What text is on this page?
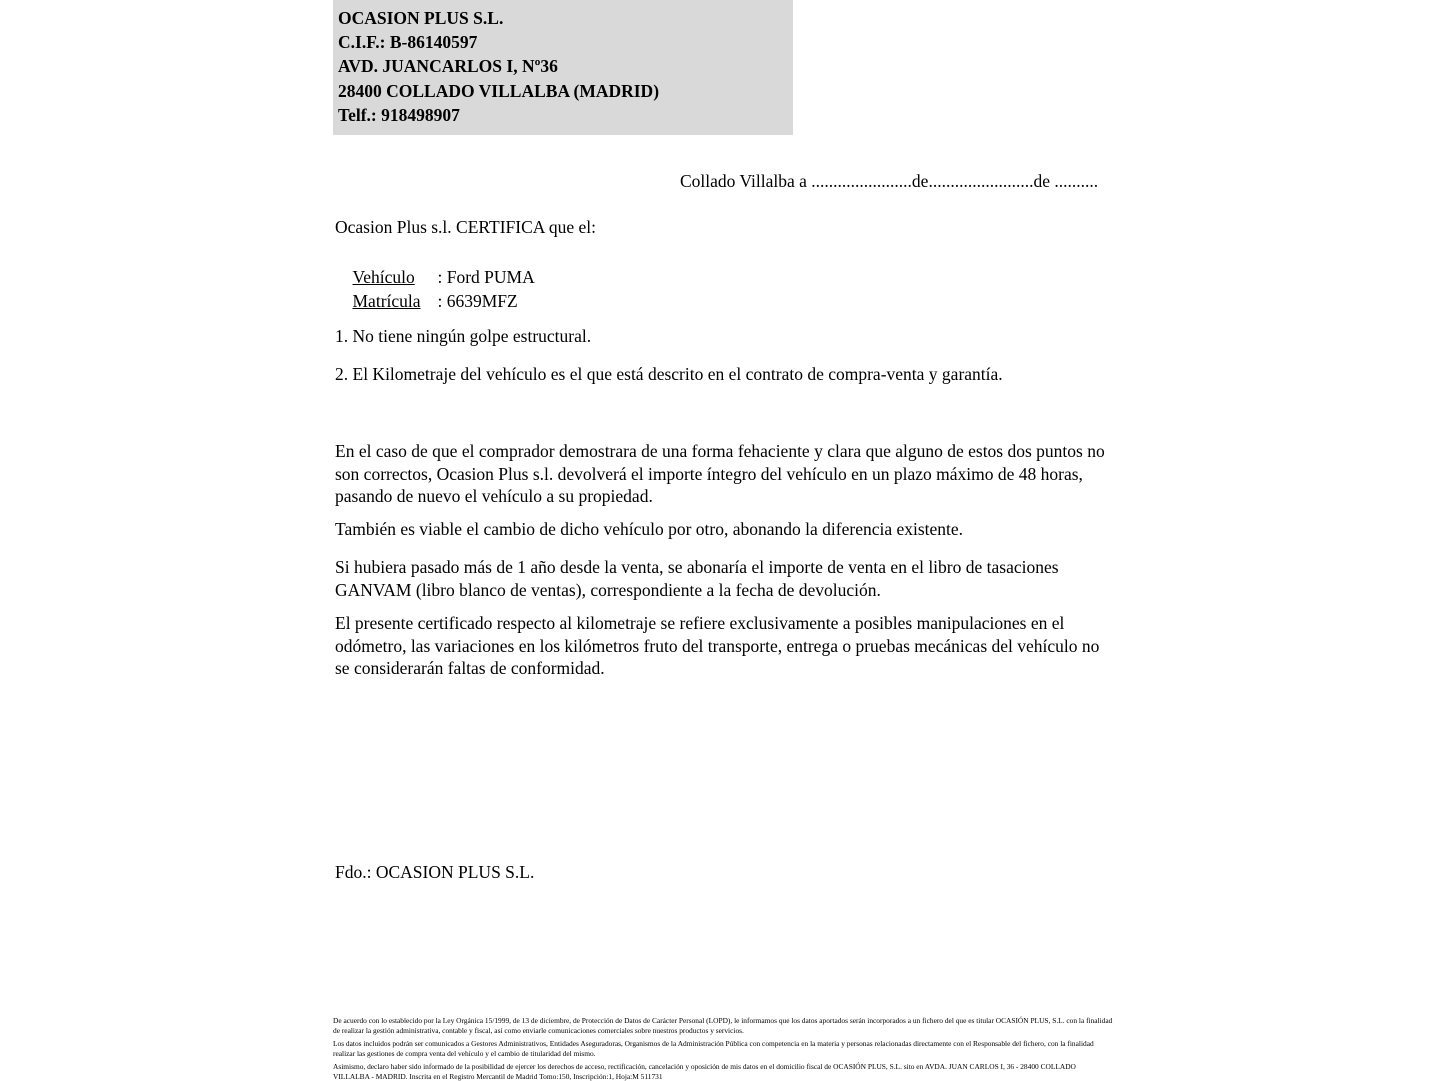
OCASION PLUS S.L.
C.I.F.: B-86140597
AVD. JUANCARLOS I, Nº36
28400 COLLADO VILLALBA (MADRID)
Telf.: 918498907
Collado Villalba a .......................de........................de ..........
Ocasion Plus s.l. CERTIFICA que el:

Vehículo : Ford PUMA

Matrícula : 6639MFZ

1. No tiene ningún golpe estructural.
2. El Kilometraje del vehículo es el que está descrito en el contrato de compra-venta y garantía.
En el caso de que el comprador demostrara de una forma fehaciente y clara que alguno de estos dos puntos no son correctos, Ocasion Plus s.l. devolverá el importe íntegro del vehículo en un plazo máximo de 48 horas, pasando de nuevo el vehículo a su propiedad.
También es viable el cambio de dicho vehículo por otro, abonando la diferencia existente.
Si hubiera pasado más de 1 año desde la venta, se abonaría el importe de venta en el libro de tasaciones GANVAM (libro blanco de ventas), correspondiente a la fecha de devolución.
El presente certificado respecto al kilometraje se refiere exclusivamente a posibles manipulaciones en el odómetro, las variaciones en los kilómetros fruto del transporte, entrega o pruebas mecánicas del vehículo no se considerarán faltas de conformidad.
Fdo.: OCASION PLUS S.L.

De acuerdo con lo establecido por la Ley Orgánica 15/1999, de 13 de diciembre, de Protección de Datos de Carácter Personal (LOPD), le informamos que los datos aportados serán incorporados a un fichero del que es titular OCASIÓN PLUS, S.L. con la finalidad de realizar la gestión administrativa, contable y fiscal, así como enviarle comunicaciones comerciales sobre nuestros productos y servicios.

Los datos incluidos podrán ser comunicados a Gestores Administrativos, Entidades Aseguradoras, Organismos de la Administración Pública con competencia en la materia y personas relacionadas directamente con el Responsable del fichero, con la finalidad realizar las gestiones de compra venta del vehículo y el cambio de titularidad del mismo.

Asimismo, declaro haber sido informado de la posibilidad de ejercer los derechos de acceso, rectificación, cancelación y oposición de mis datos en el domicilio fiscal de OCASIÓN PLUS, S.L. sito en AVDA. JUAN CARLOS I, 36 - 28400 COLLADO VILLALBA - MADRID. Inscrita en el Registro Mercantil de Madrid Tomo:150, Inscripción:1, Hoja:M 511731
